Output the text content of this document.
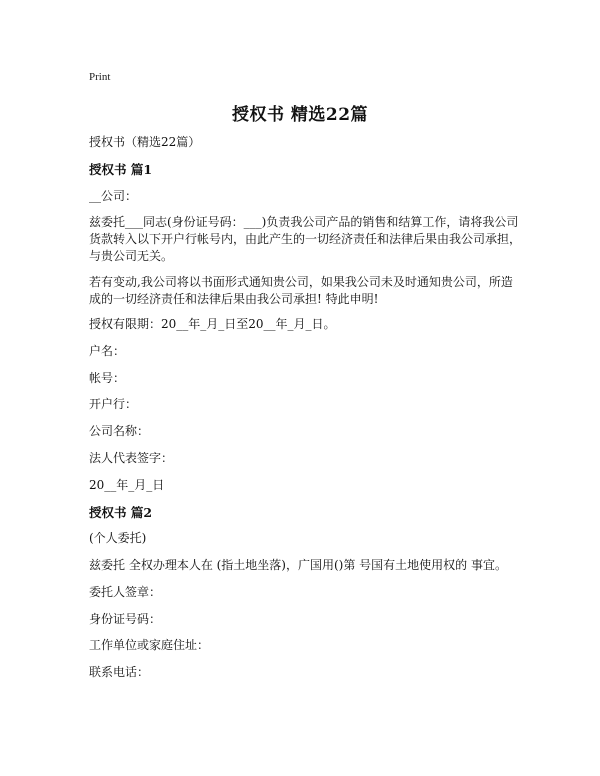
Print
授权书 精选22篇
授权书（精选22篇）
授权书 篇1
__公司：
兹委托___同志(身份证号码：___)负责我公司产品的销售和结算工作，请将我公司
货款转入以下开户行帐号内，由此产生的一切经济责任和法律后果由我公司承担，
与贵公司无关。
若有变动,我公司将以书面形式通知贵公司，如果我公司未及时通知贵公司，所造
成的一切经济责任和法律后果由我公司承担! 特此申明!
授权有限期：20__年_月_日至20__年_月_日。
户名：
帐号：
开户行：
公司名称：
法人代表签字：
20__年_月_日
授权书 篇2
(个人委托)
兹委托 全权办理本人在 (指土地坐落)，广国用()第 号国有土地使用权的 事宜。
委托人签章：
身份证号码：
工作单位或家庭住址：
联系电话：
